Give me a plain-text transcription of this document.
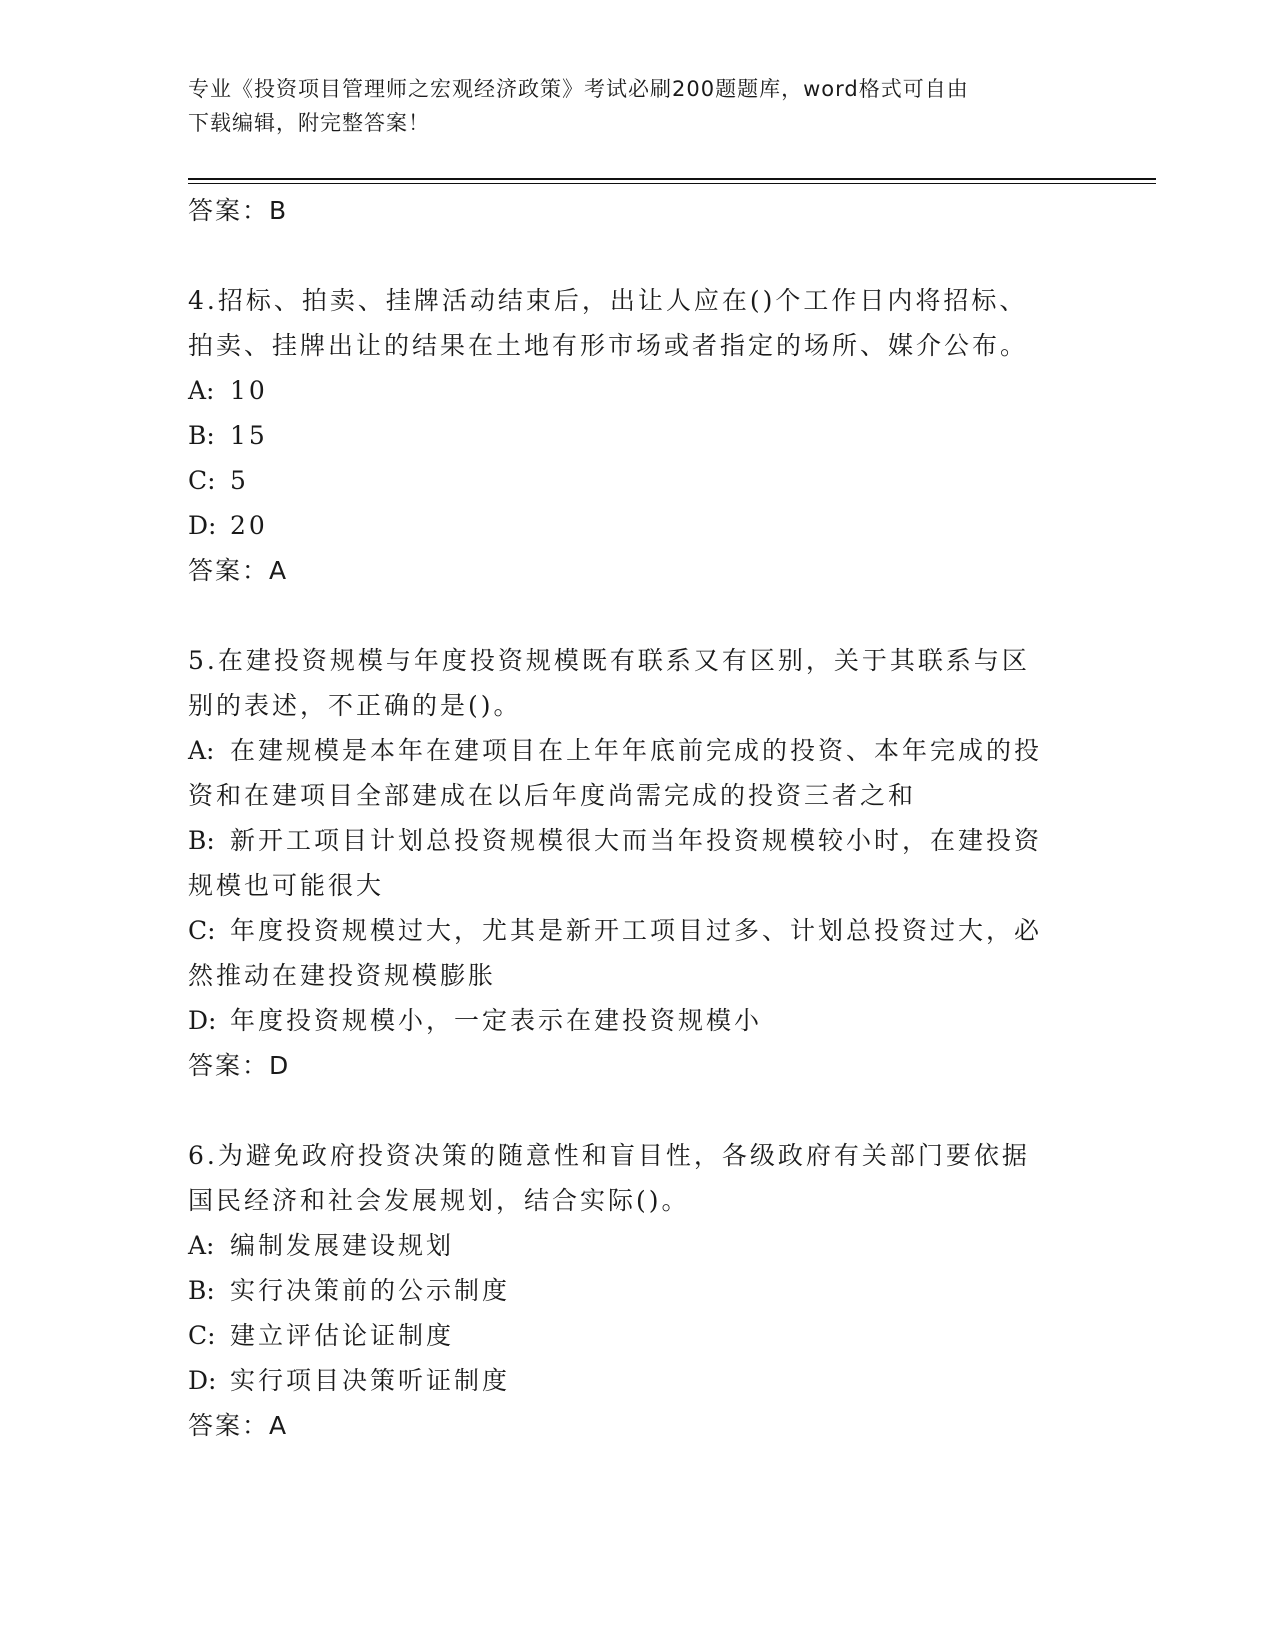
专业《投资项目管理师之宏观经济政策》考试必刷200题题库，word格式可自由
下载编辑，附完整答案！

答案：B

4.招标、拍卖、挂牌活动结束后，出让人应在()个工作日内将招标、

拍卖、挂牌出让的结果在土地有形市场或者指定的场所、媒介公布。

A: 10

B: 15

C: 5

D: 20

答案：A

5.在建投资规模与年度投资规模既有联系又有区别，关于其联系与区

别的表述，不正确的是()。

A: 在建规模是本年在建项目在上年年底前完成的投资、本年完成的投

资和在建项目全部建成在以后年度尚需完成的投资三者之和

B: 新开工项目计划总投资规模很大而当年投资规模较小时，在建投资

规模也可能很大

C: 年度投资规模过大，尤其是新开工项目过多、计划总投资过大，必

然推动在建投资规模膨胀

D: 年度投资规模小，一定表示在建投资规模小

答案：D

6.为避免政府投资决策的随意性和盲目性，各级政府有关部门要依据

国民经济和社会发展规划，结合实际()。

A: 编制发展建设规划

B: 实行决策前的公示制度

C: 建立评估论证制度

D: 实行项目决策听证制度

答案：A
